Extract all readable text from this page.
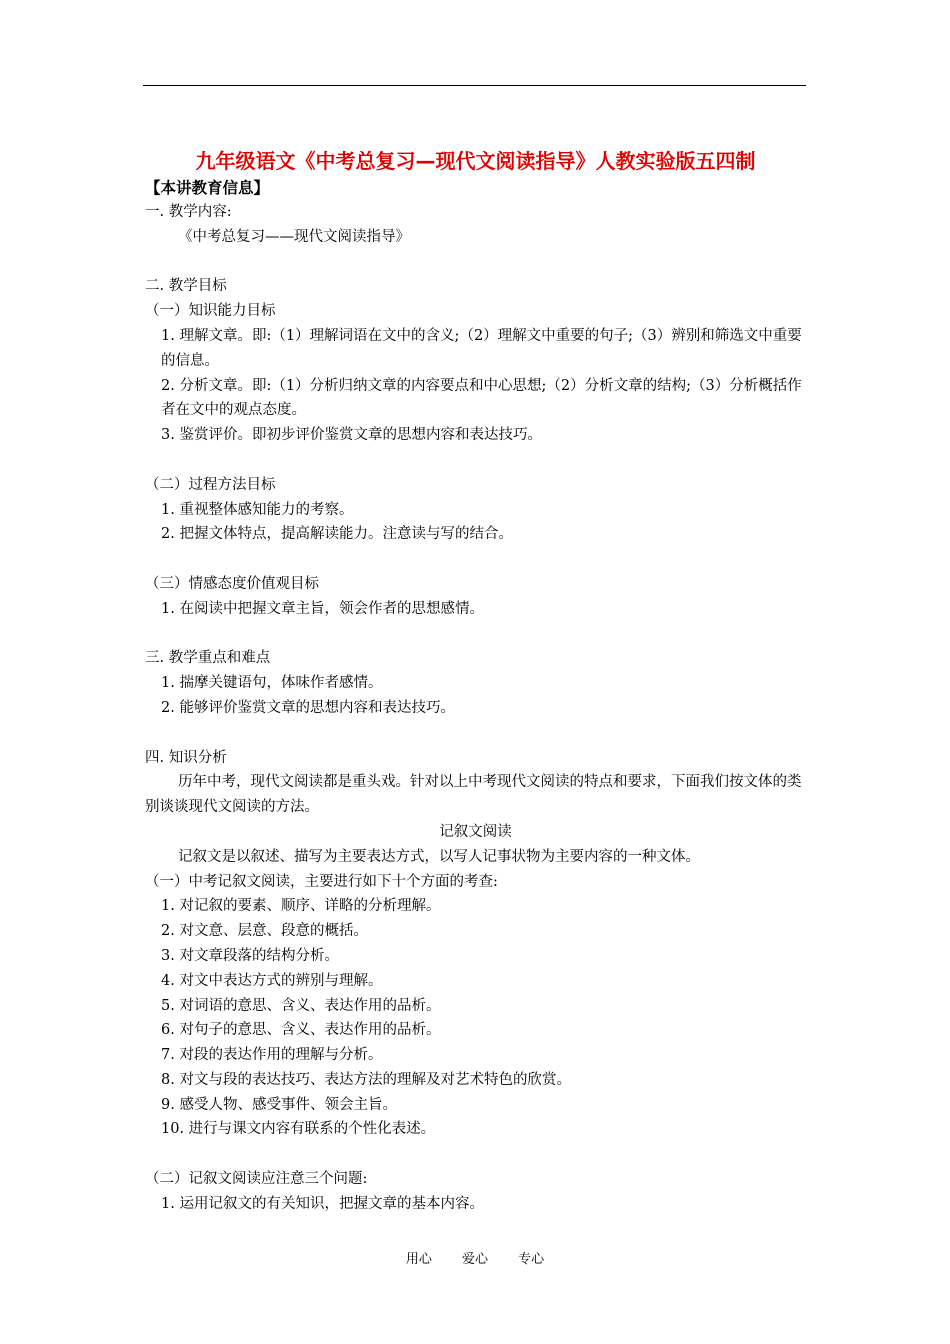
九年级语文《中考总复习—现代文阅读指导》人教实验版五四制
【本讲教育信息】
一. 教学内容:
《中考总复习——现代文阅读指导》
二. 教学目标
（一）知识能力目标
1. 理解文章。即:（1）理解词语在文中的含义;（2）理解文中重要的句子;（3）辨别和筛选文中重要的信息。
2. 分析文章。即:（1）分析归纳文章的内容要点和中心思想;（2）分析文章的结构;（3）分析概括作者在文中的观点态度。
3. 鉴赏评价。即初步评价鉴赏文章的思想内容和表达技巧。
（二）过程方法目标
1. 重视整体感知能力的考察。
2. 把握文体特点，提高解读能力。注意读与写的结合。
（三）情感态度价值观目标
1. 在阅读中把握文章主旨，领会作者的思想感情。
三. 教学重点和难点
1. 揣摩关键语句，体味作者感情。
2. 能够评价鉴赏文章的思想内容和表达技巧。
四. 知识分析
历年中考，现代文阅读都是重头戏。针对以上中考现代文阅读的特点和要求，下面我们按文体的类别谈谈现代文阅读的方法。
记叙文阅读
记叙文是以叙述、描写为主要表达方式，以写人记事状物为主要内容的一种文体。
（一）中考记叙文阅读，主要进行如下十个方面的考查:
1. 对记叙的要素、顺序、详略的分析理解。
2. 对文意、层意、段意的概括。
3. 对文章段落的结构分析。
4. 对文中表达方式的辨别与理解。
5. 对词语的意思、含义、表达作用的品析。
6. 对句子的意思、含义、表达作用的品析。
7. 对段的表达作用的理解与分析。
8. 对文与段的表达技巧、表达方法的理解及对艺术特色的欣赏。
9. 感受人物、感受事件、领会主旨。
10. 进行与课文内容有联系的个性化表述。
（二）记叙文阅读应注意三个问题:
1. 运用记叙文的有关知识，把握文章的基本内容。
用心 爱心 专心
